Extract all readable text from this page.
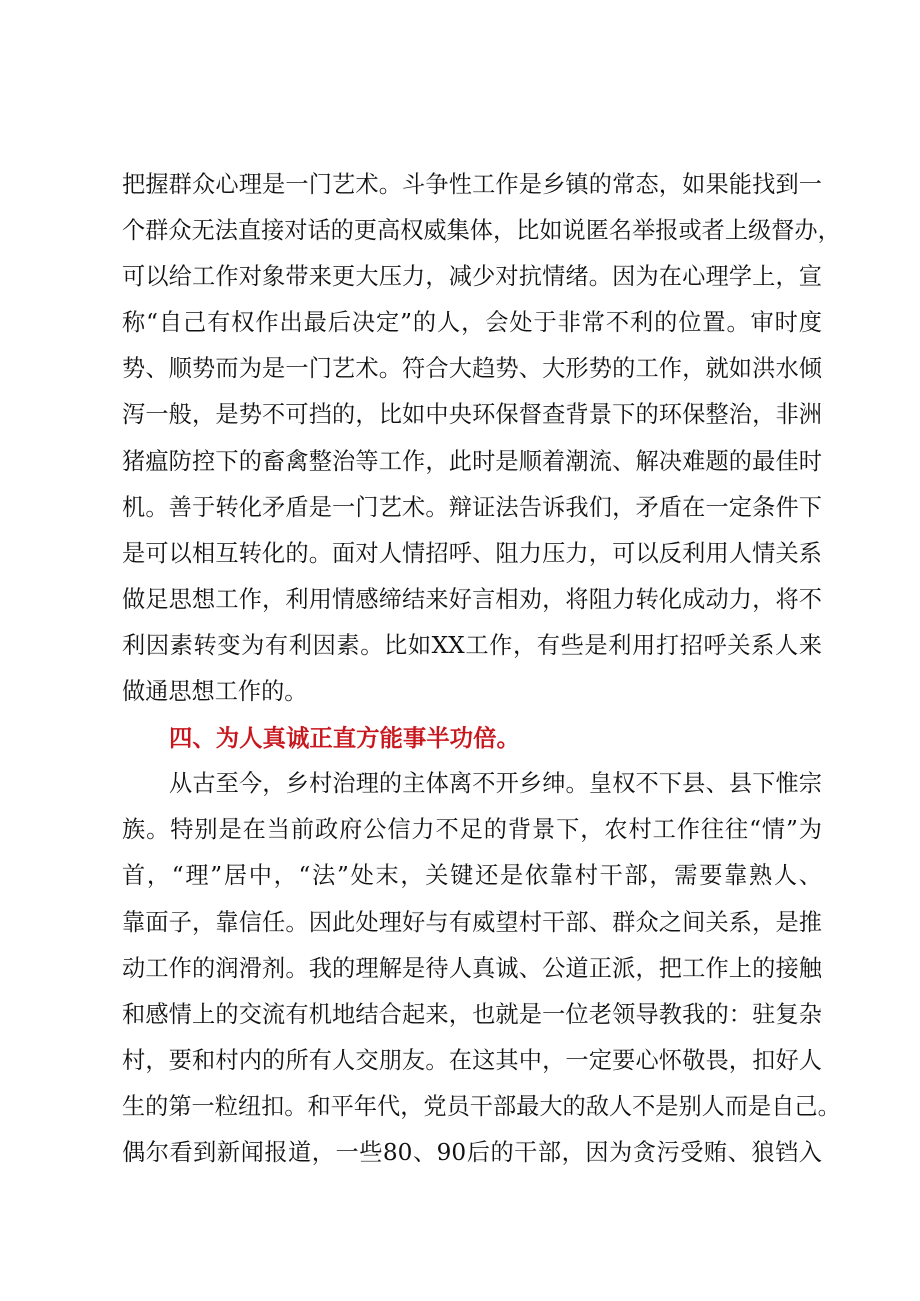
把握群众心理是一门艺术。斗争性工作是乡镇的常态，如果能找到一
个群众无法直接对话的更高权威集体，比如说匿名举报或者上级督办，
可以给工作对象带来更大压力，减少对抗情绪。因为在心理学上，宣
称“自己有权作出最后决定”的人，会处于非常不利的位置。审时度
势、顺势而为是一门艺术。符合大趋势、大形势的工作，就如洪水倾
泻一般，是势不可挡的，比如中央环保督查背景下的环保整治，非洲
猪瘟防控下的畜禽整治等工作，此时是顺着潮流、解决难题的最佳时
机。善于转化矛盾是一门艺术。辩证法告诉我们，矛盾在一定条件下
是可以相互转化的。面对人情招呼、阻力压力，可以反利用人情关系
做足思想工作，利用情感缔结来好言相劝，将阻力转化成动力，将不
利因素转变为有利因素。比如XX工作，有些是利用打招呼关系人来
做通思想工作的。
四、为人真诚正直方能事半功倍。
从古至今，乡村治理的主体离不开乡绅。皇权不下县、县下惟宗
族。特别是在当前政府公信力不足的背景下，农村工作往往“情”为
首，“理”居中，“法”处末，关键还是依靠村干部，需要靠熟人、
靠面子，靠信任。因此处理好与有威望村干部、群众之间关系，是推
动工作的润滑剂。我的理解是待人真诚、公道正派，把工作上的接触
和感情上的交流有机地结合起来，也就是一位老领导教我的：驻复杂
村，要和村内的所有人交朋友。在这其中，一定要心怀敬畏，扣好人
生的第一粒纽扣。和平年代，党员干部最大的敌人不是别人而是自己。
偶尔看到新闻报道，一些80、90后的干部，因为贪污受贿、狼铛入
